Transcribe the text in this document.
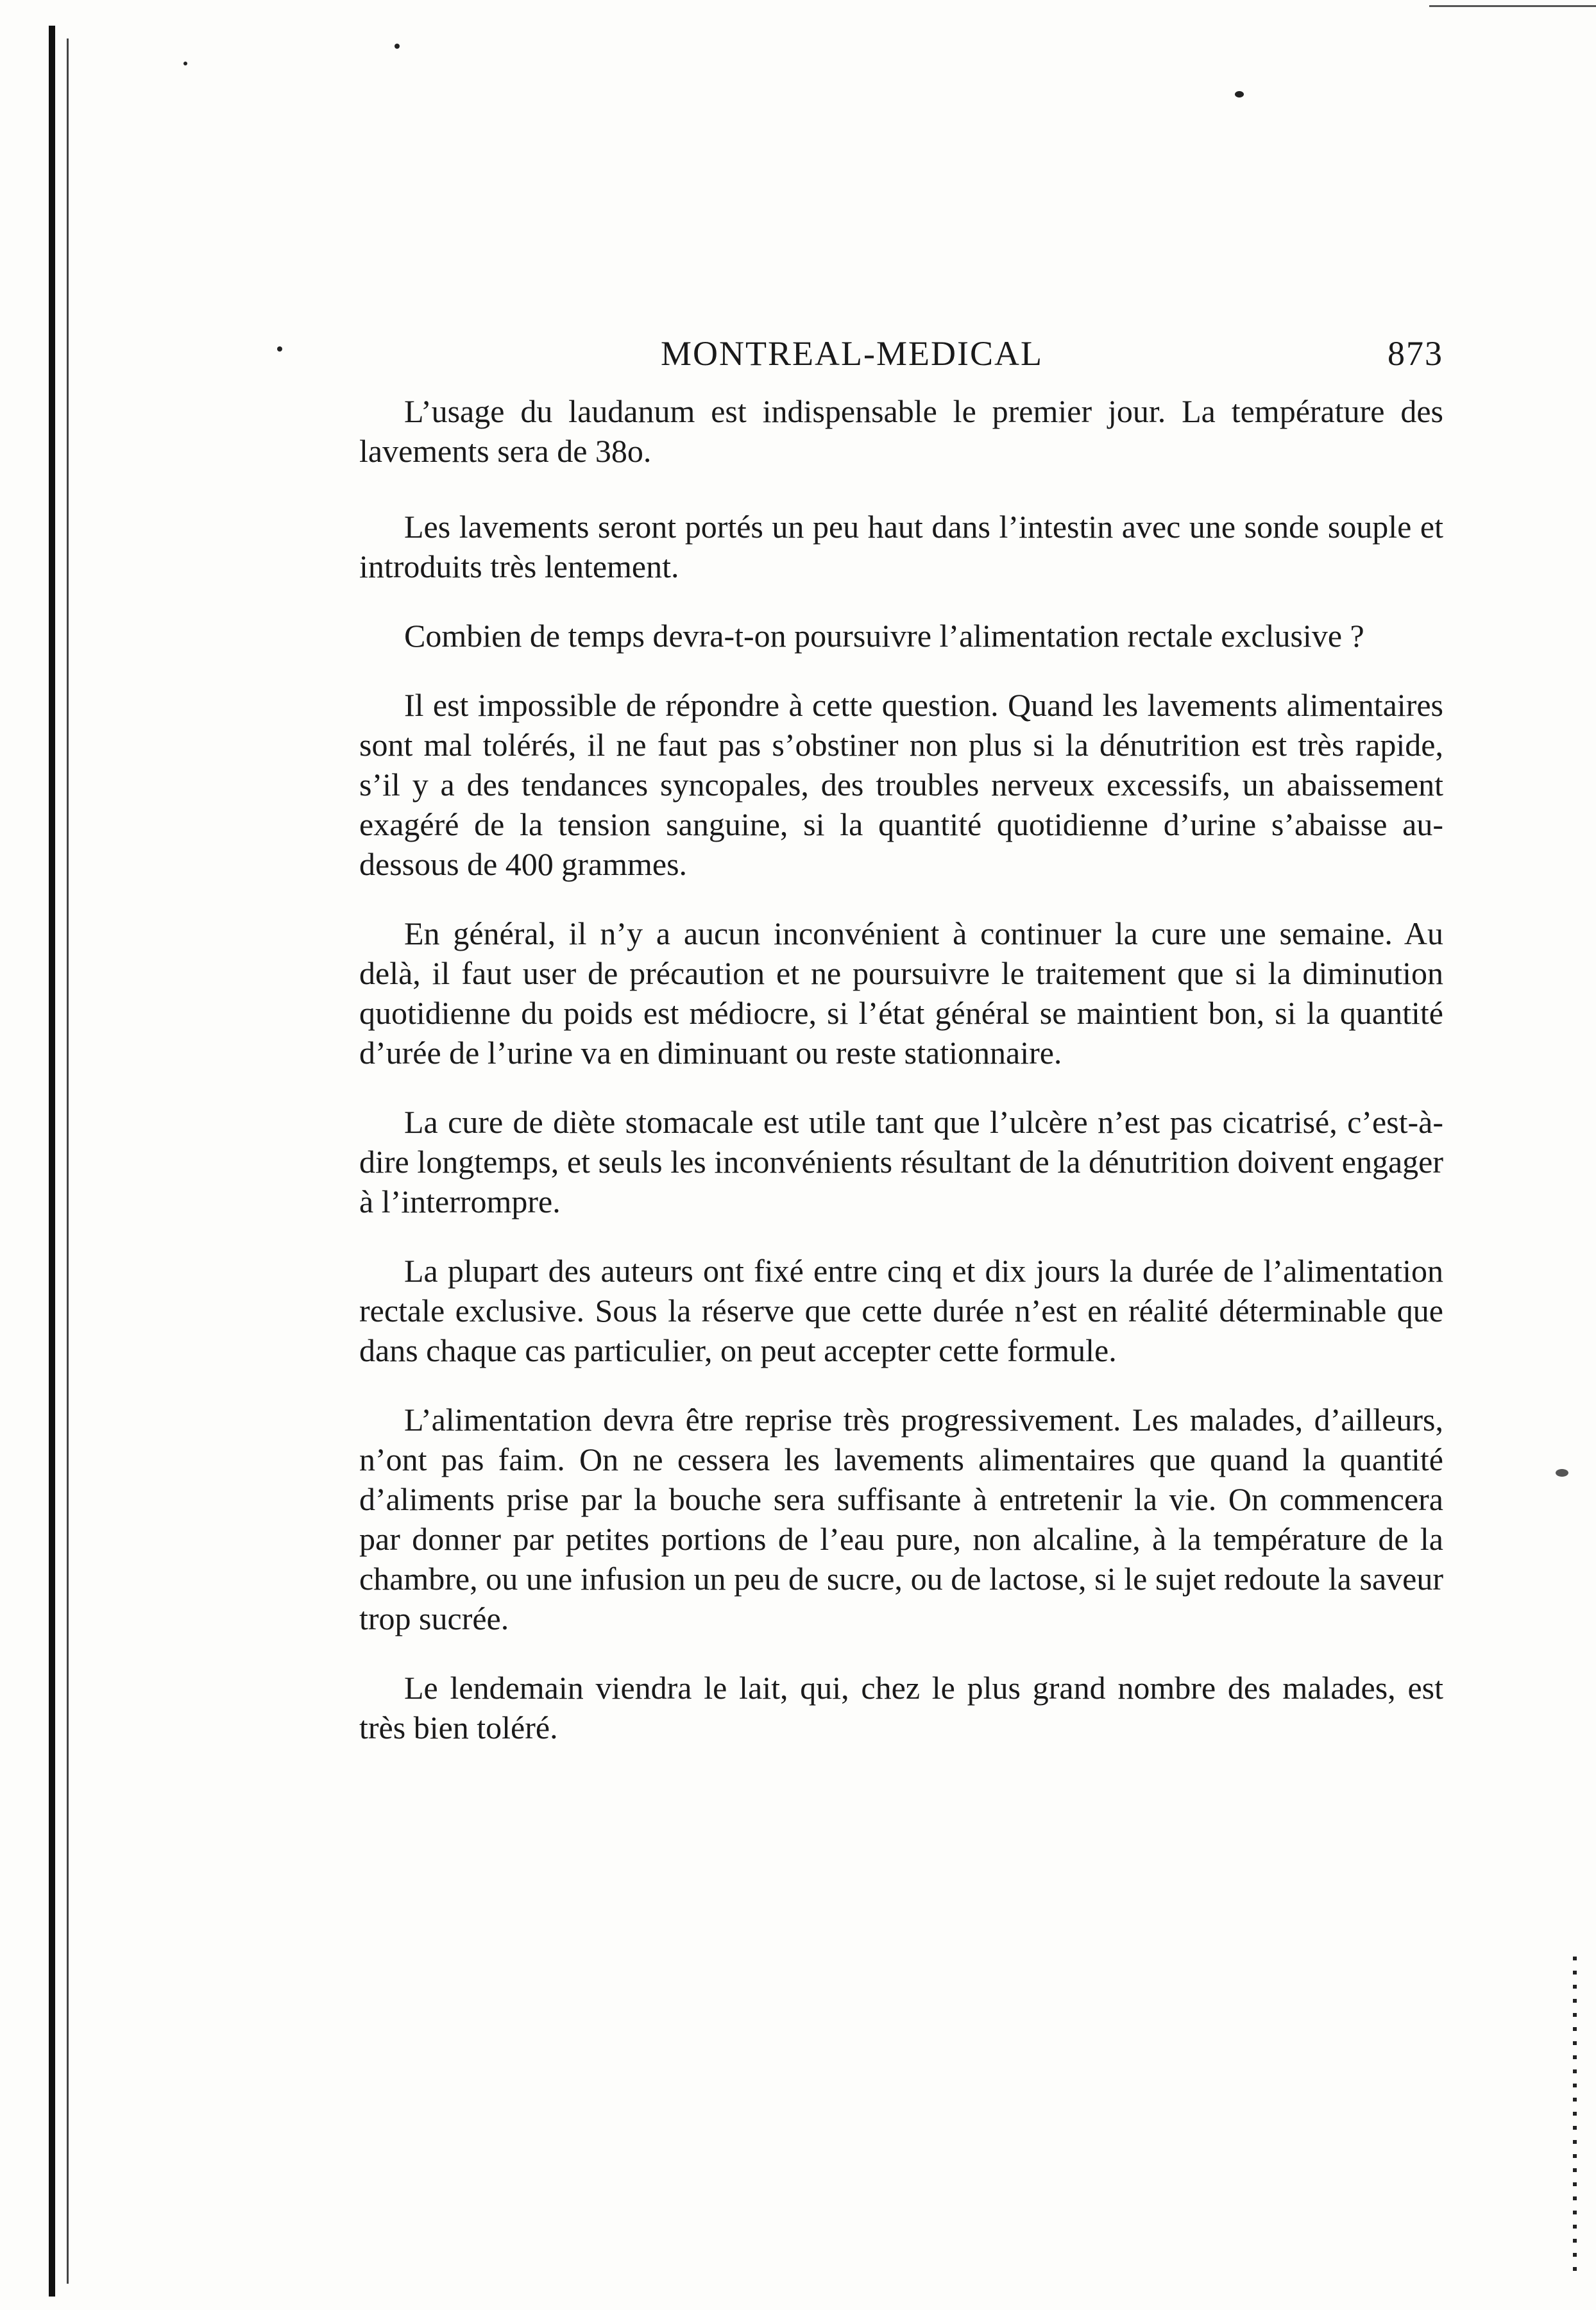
MONTREAL-MEDICAL	873

L’usage du laudanum est indispensable le premier jour. La température des lavements sera de 38o.

Les lavements seront portés un peu haut dans l’intestin avec une sonde souple et introduits très lentement.

Combien de temps devra-t-on poursuivre l’alimentation rectale exclusive ?

Il est impossible de répondre à cette question. Quand les lavements alimentaires sont mal tolérés, il ne faut pas s’obstiner non plus si la dénutrition est très rapide, s’il y a des tendances syncopales, des troubles nerveux excessifs, un abaissement exagéré de la tension sanguine, si la quantité quotidienne d’urine s’abaisse au-dessous de 400 grammes.

En général, il n’y a aucun inconvénient à continuer la cure une semaine. Au delà, il faut user de précaution et ne poursuivre le traitement que si la diminution quotidienne du poids est médiocre, si l’état général se maintient bon, si la quantité d’urée de l’urine va en diminuant ou reste stationnaire.

La cure de diète stomacale est utile tant que l’ulcère n’est pas cicatrisé, c’est-à-dire longtemps, et seuls les inconvénients résultant de la dénutrition doivent engager à l’interrompre.

La plupart des auteurs ont fixé entre cinq et dix jours la durée de l’alimentation rectale exclusive. Sous la réserve que cette durée n’est en réalité déterminable que dans chaque cas particulier, on peut accepter cette formule.

L’alimentation devra être reprise très progressivement. Les malades, d’ailleurs, n’ont pas faim. On ne cessera les lavements alimentaires que quand la quantité d’aliments prise par la bouche sera suffisante à entretenir la vie. On commencera par donner par petites portions de l’eau pure, non alcaline, à la température de la chambre, ou une infusion un peu de sucre, ou de lactose, si le sujet redoute la saveur trop sucrée.

Le lendemain viendra le lait, qui, chez le plus grand nombre des malades, est très bien toléré.
